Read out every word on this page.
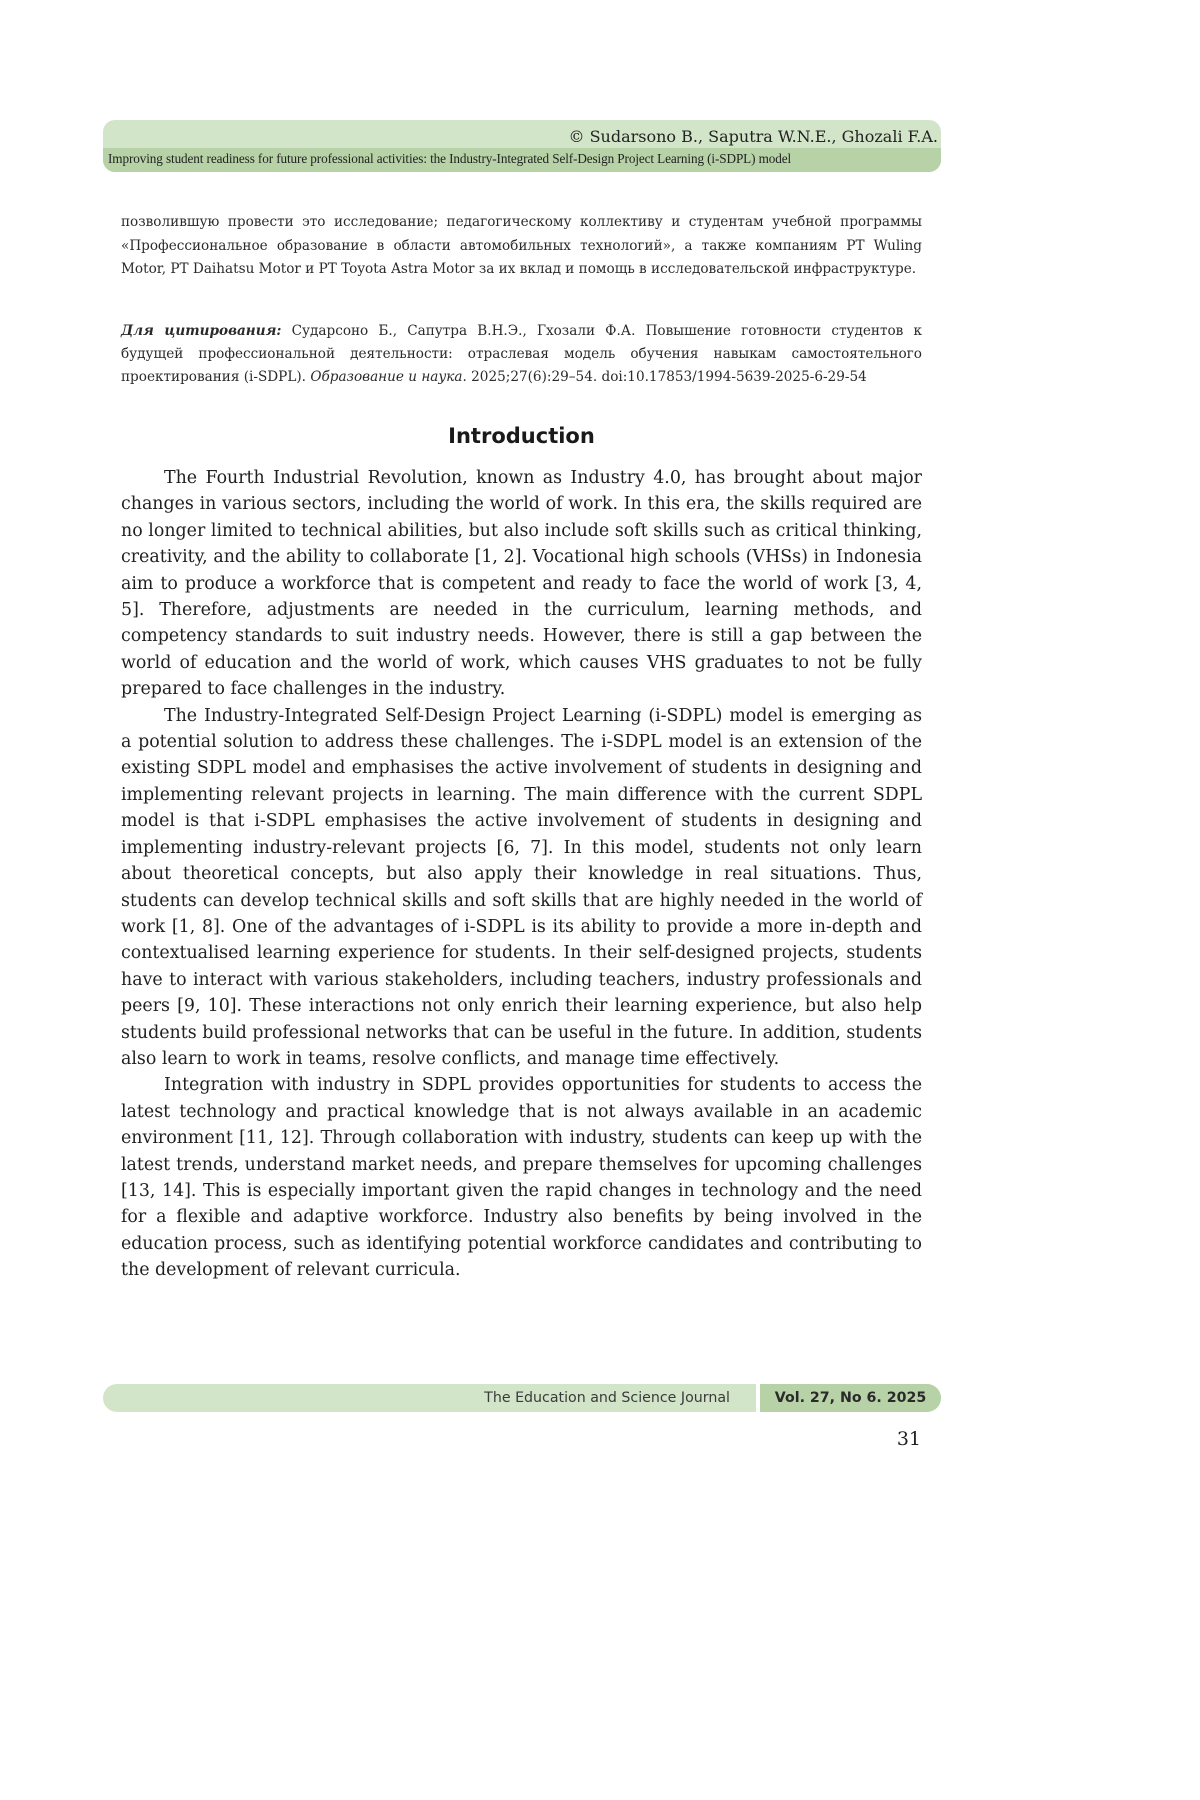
© Sudarsono B., Saputra W.N.E., Ghozali F.A.

Improving student readiness for future professional activities: the Industry-Integrated Self-Design Project Learning (i-SDPL) model

позволившую провести это исследование; педагогическому коллективу и студентам учебной программы «Профессиональное образование в области автомобильных технологий», а также компаниям PT Wuling Motor, PT Daihatsu Motor и PT Toyota Astra Motor за их вклад и помощь в исследовательской инфраструктуре.

Для цитирования: Сударсоно Б., Сапутра В.Н.Э., Гхозали Ф.А. Повышение готовности студентов к будущей профессиональной деятельности: отраслевая модель обучения навыкам самостоятельного проектирования (i-SDPL). Образование и наука. 2025;27(6):29–54. doi:10.17853/1994-5639-2025-6-29-54

Introduction

The Fourth Industrial Revolution, known as Industry 4.0, has brought about major changes in various sectors, including the world of work. In this era, the skills required are no longer limited to technical abilities, but also include soft skills such as critical thinking, creativity, and the ability to collaborate [1, 2]. Vocational high schools (VHSs) in Indonesia aim to produce a workforce that is competent and ready to face the world of work [3, 4, 5]. Therefore, adjustments are needed in the curriculum, learning methods, and competency standards to suit industry needs. However, there is still a gap between the world of education and the world of work, which causes VHS graduates to not be fully prepared to face challenges in the industry.

The Industry-Integrated Self-Design Project Learning (i-SDPL) model is emerging as a potential solution to address these challenges. The i-SDPL model is an extension of the existing SDPL model and emphasises the active involvement of students in designing and implementing relevant projects in learning. The main difference with the current SDPL model is that i-SDPL emphasises the active involvement of students in designing and implementing industry-relevant projects [6, 7]. In this model, students not only learn about theoretical concepts, but also apply their knowledge in real situations. Thus, students can develop technical skills and soft skills that are highly needed in the world of work [1, 8]. One of the advantages of i-SDPL is its ability to provide a more in-depth and contextualised learning experience for students. In their self-designed projects, students have to interact with various stakeholders, including teachers, industry professionals and peers [9, 10]. These interactions not only enrich their learning experience, but also help students build professional networks that can be useful in the future. In addition, students also learn to work in teams, resolve conflicts, and manage time effectively.

Integration with industry in SDPL provides opportunities for students to access the latest technology and practical knowledge that is not always available in an academic environment [11, 12]. Through collaboration with industry, students can keep up with the latest trends, understand market needs, and prepare themselves for upcoming challenges [13, 14]. This is especially important given the rapid changes in technology and the need for a flexible and adaptive workforce. Industry also benefits by being involved in the education process, such as identifying potential workforce candidates and contributing to the development of relevant curricula.

The Education and Science Journal	Vol. 27, No 6. 2025

31
